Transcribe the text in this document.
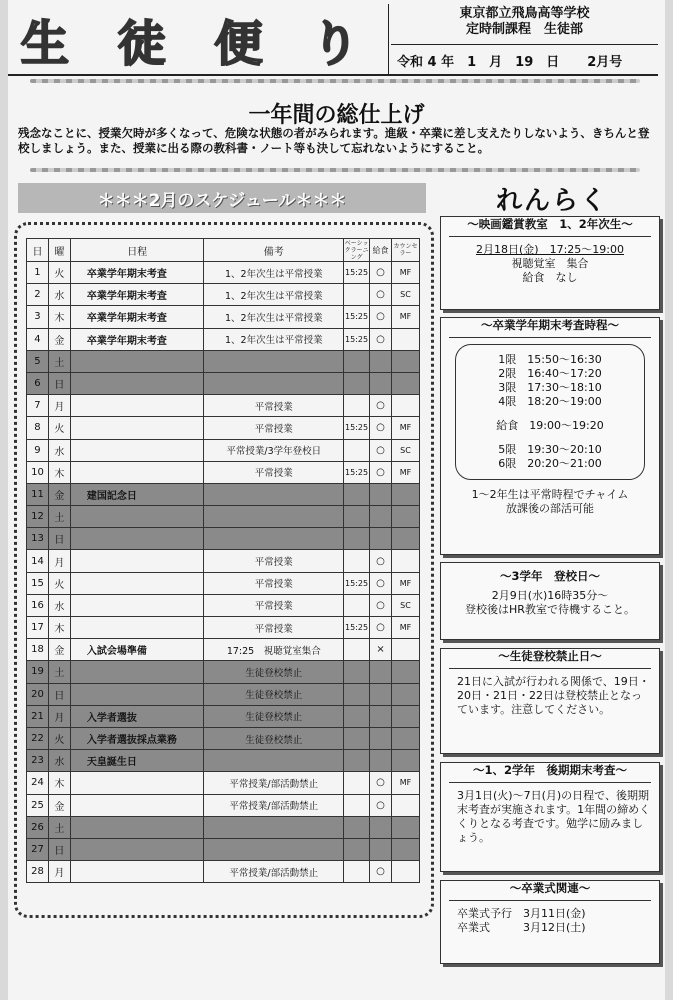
生 徒 便 り
東京都立飛鳥高等学校
定時制課程　生徒部
令和 4 年　1　月　19　日 2月号
一年間の総仕上げ
残念なことに、授業欠時が多くなって、危険な状態の者がみられます。進級・卒業に差し支えたりしないよう、きちんと登校しましょう。また、授業に出る際の教科書・ノート等も決して忘れないようにすること。
＊＊＊2月のスケジュール＊＊＊
日	曜	日程	備考	ベーシックラーニング	給食	カウンセラー
1	火	卒業学年期末考査	1、2年次生は平常授業	15:25	○	MF
2	水	卒業学年期末考査	1、2年次生は平常授業		○	SC
3	木	卒業学年期末考査	1、2年次生は平常授業	15:25	○	MF
4	金	卒業学年期末考査	1、2年次生は平常授業	15:25	○	
5	土					
6	日					
7	月		平常授業		○	
8	火		平常授業	15:25	○	MF
9	水		平常授業/3学年登校日		○	SC
10	木		平常授業	15:25	○	MF
11	金	建国記念日				
12	土					
13	日					
14	月		平常授業		○	
15	火		平常授業	15:25	○	MF
16	水		平常授業		○	SC
17	木		平常授業	15:25	○	MF
18	金	入試会場準備	17:25　視聴覚室集合		×	
19	土		生徒登校禁止			
20	日		生徒登校禁止			
21	月	入学者選抜	生徒登校禁止			
22	火	入学者選抜採点業務	生徒登校禁止			
23	水	天皇誕生日				
24	木		平常授業/部活動禁止		○	MF
25	金		平常授業/部活動禁止		○	
26	土					
27	日					
28	月		平常授業/部活動禁止		○	
れんらく
～映画鑑賞教室　1、2年次生～
2月18日(金)　17:25～19:00
視聴覚室　集合
給食　なし
～卒業学年期末考査時程～
1限　15:50～16:30
2限　16:40～17:20
3限　17:30～18:10
4限　18:20～19:00
給食　19:00～19:20
5限　19:30～20:10
6限　20:20～21:00
1～2年生は平常時程でチャイム
放課後の部活可能
～3学年　登校日～
2月9日(水)16時35分～
登校後はHR教室で待機すること。
～生徒登校禁止日～
21日に入試が行われる関係で、19日・20日・21日・22日は登校禁止となっています。注意してください。
～1、2学年　後期期末考査～
3月1日(火)～7日(月)の日程で、後期期末考査が実施されます。1年間の締めくくりとなる考査です。勉学に励みましょう。
～卒業式関連～
卒業式予行　3月11日(金)
卒業式　　　3月12日(土)
